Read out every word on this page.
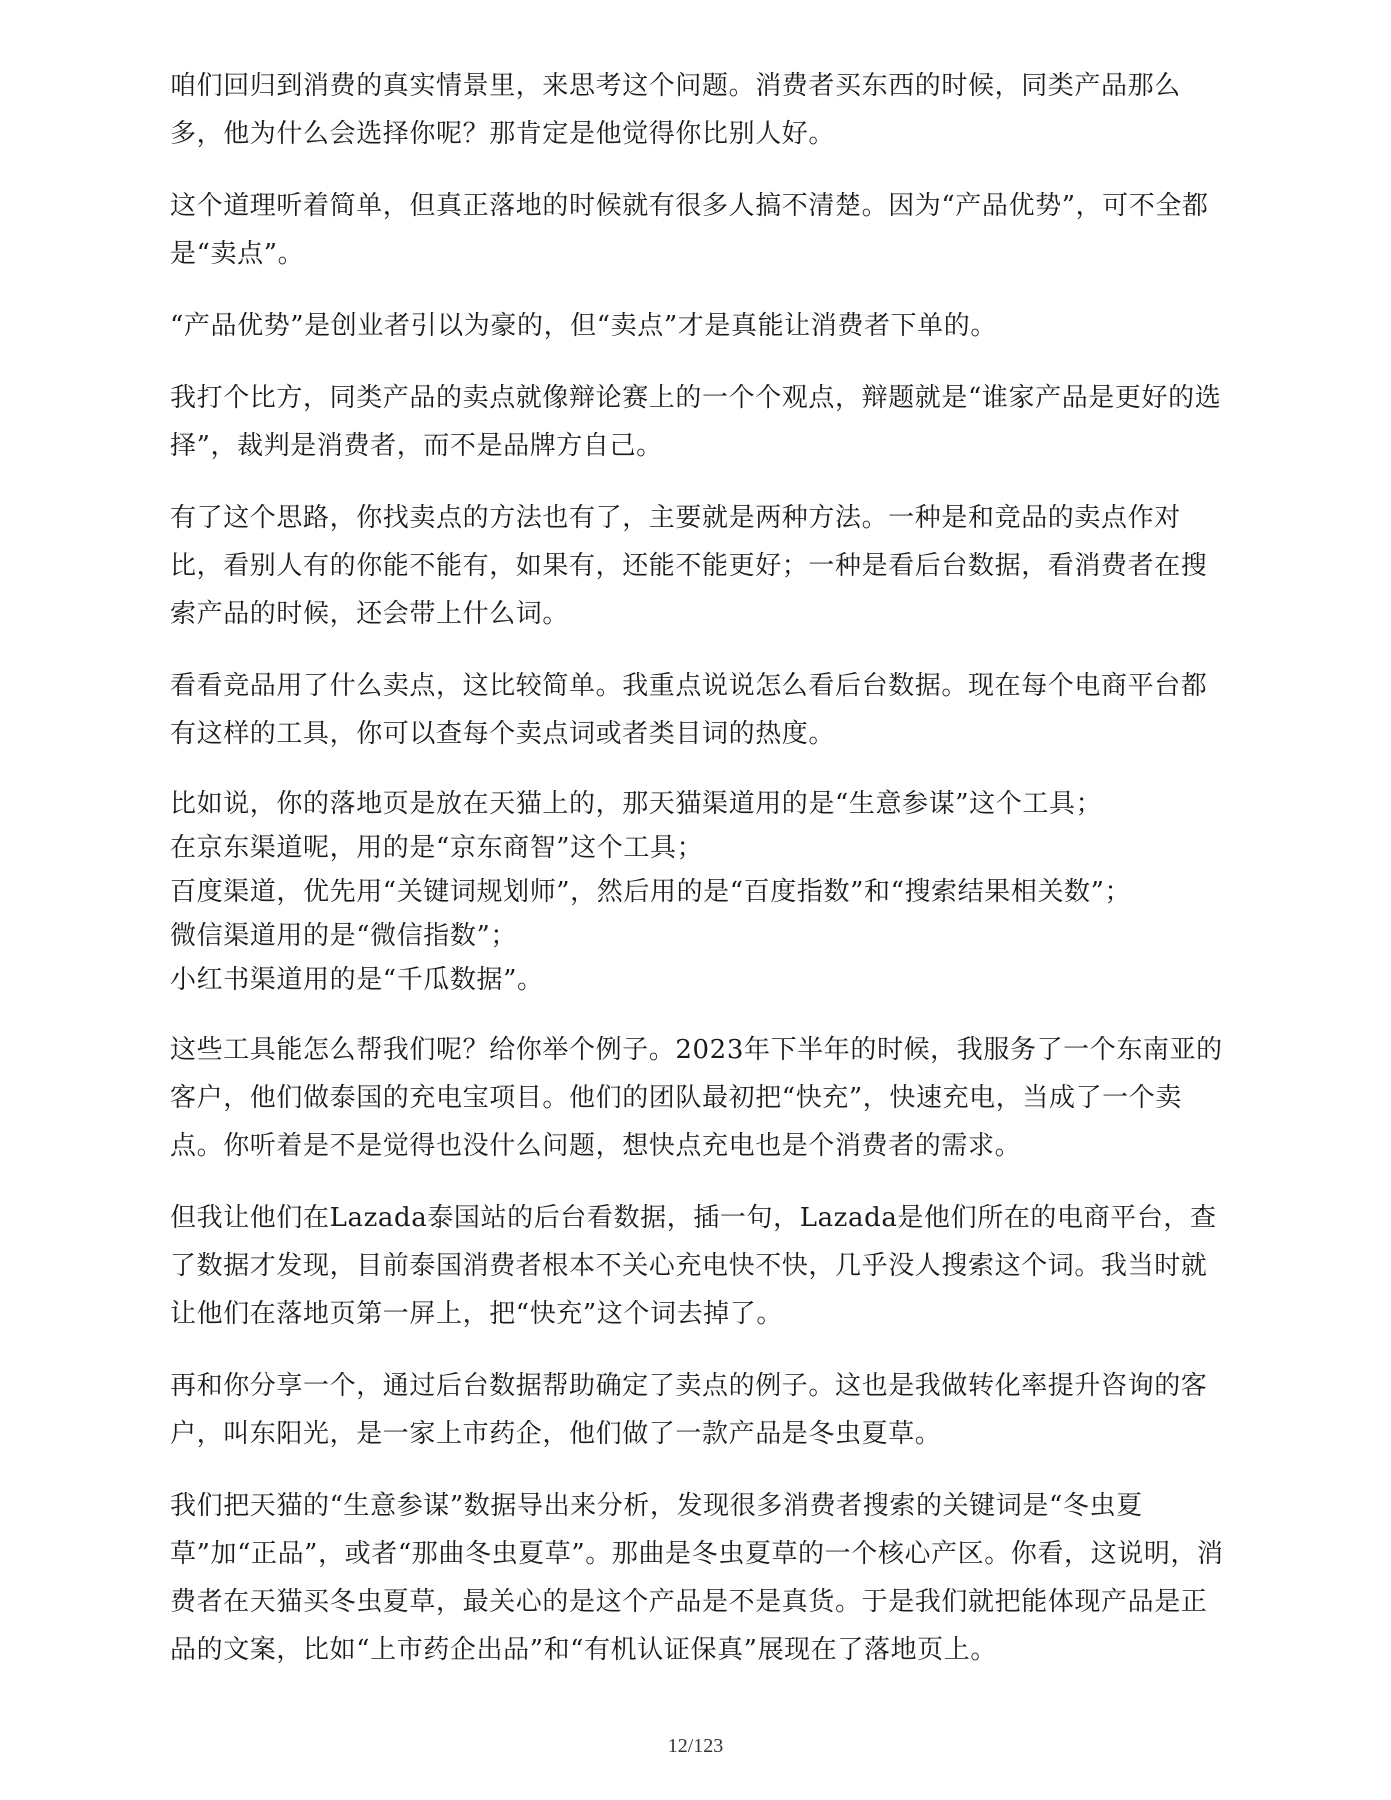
咱们回归到消费的真实情景里，来思考这个问题。消费者买东西的时候，同类产品那么多，他为什么会选择你呢？那肯定是他觉得你比别人好。

这个道理听着简单，但真正落地的时候就有很多人搞不清楚。因为“产品优势”，可不全都是“卖点”。

“产品优势”是创业者引以为豪的，但“卖点”才是真能让消费者下单的。

我打个比方，同类产品的卖点就像辩论赛上的一个个观点，辩题就是“谁家产品是更好的选择”，裁判是消费者，而不是品牌方自己。

有了这个思路，你找卖点的方法也有了，主要就是两种方法。一种是和竞品的卖点作对比，看别人有的你能不能有，如果有，还能不能更好；一种是看后台数据，看消费者在搜索产品的时候，还会带上什么词。

看看竞品用了什么卖点，这比较简单。我重点说说怎么看后台数据。现在每个电商平台都有这样的工具，你可以查每个卖点词或者类目词的热度。

比如说，你的落地页是放在天猫上的，那天猫渠道用的是“生意参谋”这个工具；
在京东渠道呢，用的是“京东商智”这个工具；
百度渠道，优先用“关键词规划师”，然后用的是“百度指数”和“搜索结果相关数”；
微信渠道用的是“微信指数”；
小红书渠道用的是“千瓜数据”。

这些工具能怎么帮我们呢？给你举个例子。2023年下半年的时候，我服务了一个东南亚的客户，他们做泰国的充电宝项目。他们的团队最初把“快充”，快速充电，当成了一个卖点。你听着是不是觉得也没什么问题，想快点充电也是个消费者的需求。

但我让他们在Lazada泰国站的后台看数据，插一句，Lazada是他们所在的电商平台，查了数据才发现，目前泰国消费者根本不关心充电快不快，几乎没人搜索这个词。我当时就让他们在落地页第一屏上，把“快充”这个词去掉了。

再和你分享一个，通过后台数据帮助确定了卖点的例子。这也是我做转化率提升咨询的客户，叫东阳光，是一家上市药企，他们做了一款产品是冬虫夏草。

我们把天猫的“生意参谋”数据导出来分析，发现很多消费者搜索的关键词是“冬虫夏草”加“正品”，或者“那曲冬虫夏草”。那曲是冬虫夏草的一个核心产区。你看，这说明，消费者在天猫买冬虫夏草，最关心的是这个产品是不是真货。于是我们就把能体现产品是正品的文案，比如“上市药企出品”和“有机认证保真”展现在了落地页上。

12/123
